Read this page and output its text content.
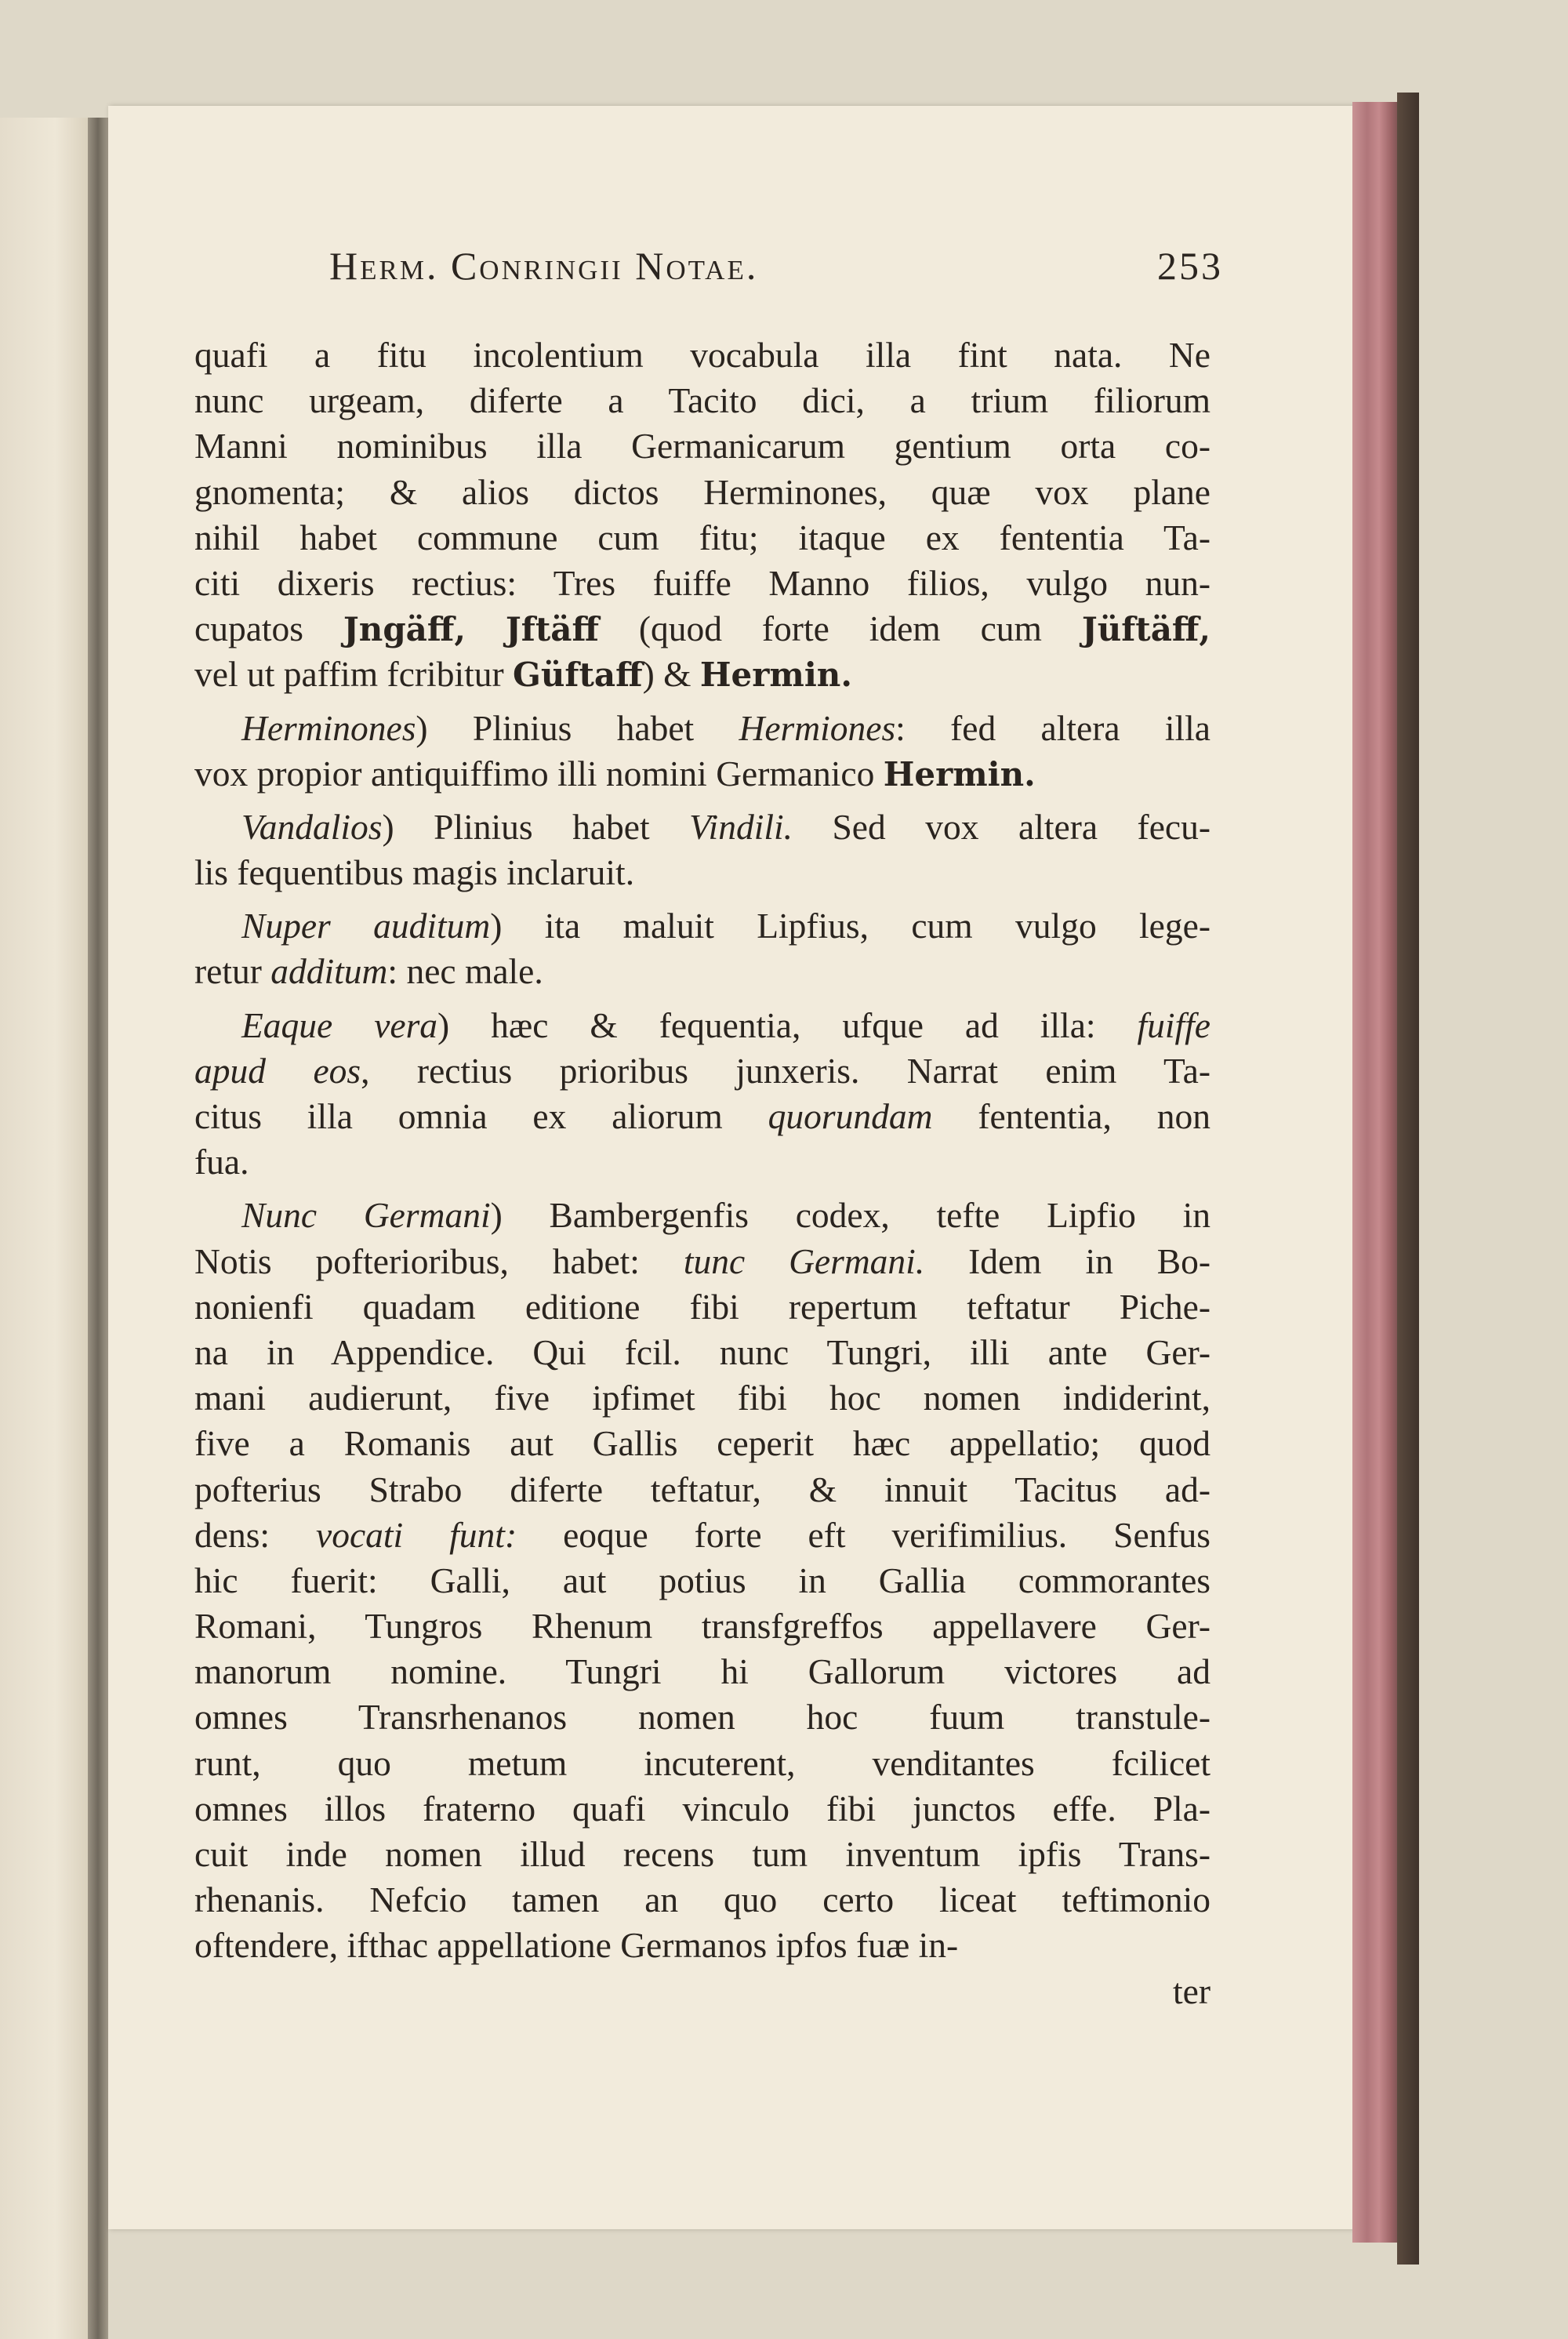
Herm. Conringii Notae.	253
quafi a fitu incolentium vocabula illa fint nata. Ne
nunc urgeam, diferte a Tacito dici, a trium filiorum
Manni nominibus illa Germanicarum gentium orta co-
gnomenta; & alios dictos Herminones, quæ vox plane
nihil habet commune cum fitu; itaque ex fententia Ta-
citi dixeris rectius: Tres fuiffe Manno filios, vulgo nun-
cupatos Jngäff, Jftäff (quod forte idem cum Jüftäff,
vel ut paffim fcribitur Güftaff) & Hermin.
Herminones) Plinius habet Hermiones: fed altera illa
vox propior antiquiffimo illi nomini Germanico Hermin.
Vandalios) Plinius habet Vindili. Sed vox altera fecu-
lis fequentibus magis inclaruit.
Nuper auditum) ita maluit Lipfius, cum vulgo lege-
retur additum: nec male.
Eaque vera) hæc & fequentia, ufque ad illa: fuiffe
apud eos, rectius prioribus junxeris. Narrat enim Ta-
citus illa omnia ex aliorum quorundam fententia, non
fua.
Nunc Germani) Bambergenfis codex, tefte Lipfio in
Notis pofterioribus, habet: tunc Germani. Idem in Bo-
nonienfi quadam editione fibi repertum teftatur Piche-
na in Appendice. Qui fcil. nunc Tungri, illi ante Ger-
mani audierunt, five ipfimet fibi hoc nomen indiderint,
five a Romanis aut Gallis ceperit hæc appellatio; quod
pofterius Strabo diferte teftatur, & innuit Tacitus ad-
dens: vocati funt: eoque forte eft verifimilius. Senfus
hic fuerit: Galli, aut potius in Gallia commorantes
Romani, Tungros Rhenum transfgreffos appellavere Ger-
manorum nomine. Tungri hi Gallorum victores ad
omnes Transrhenanos nomen hoc fuum transtule-
runt, quo metum incuterent, venditantes fcilicet
omnes illos fraterno quafi vinculo fibi junctos effe. Pla-
cuit inde nomen illud recens tum inventum ipfis Trans-
rhenanis. Nefcio tamen an quo certo liceat teftimonio
oftendere, ifthac appellatione Germanos ipfos fuæ in-
ter
